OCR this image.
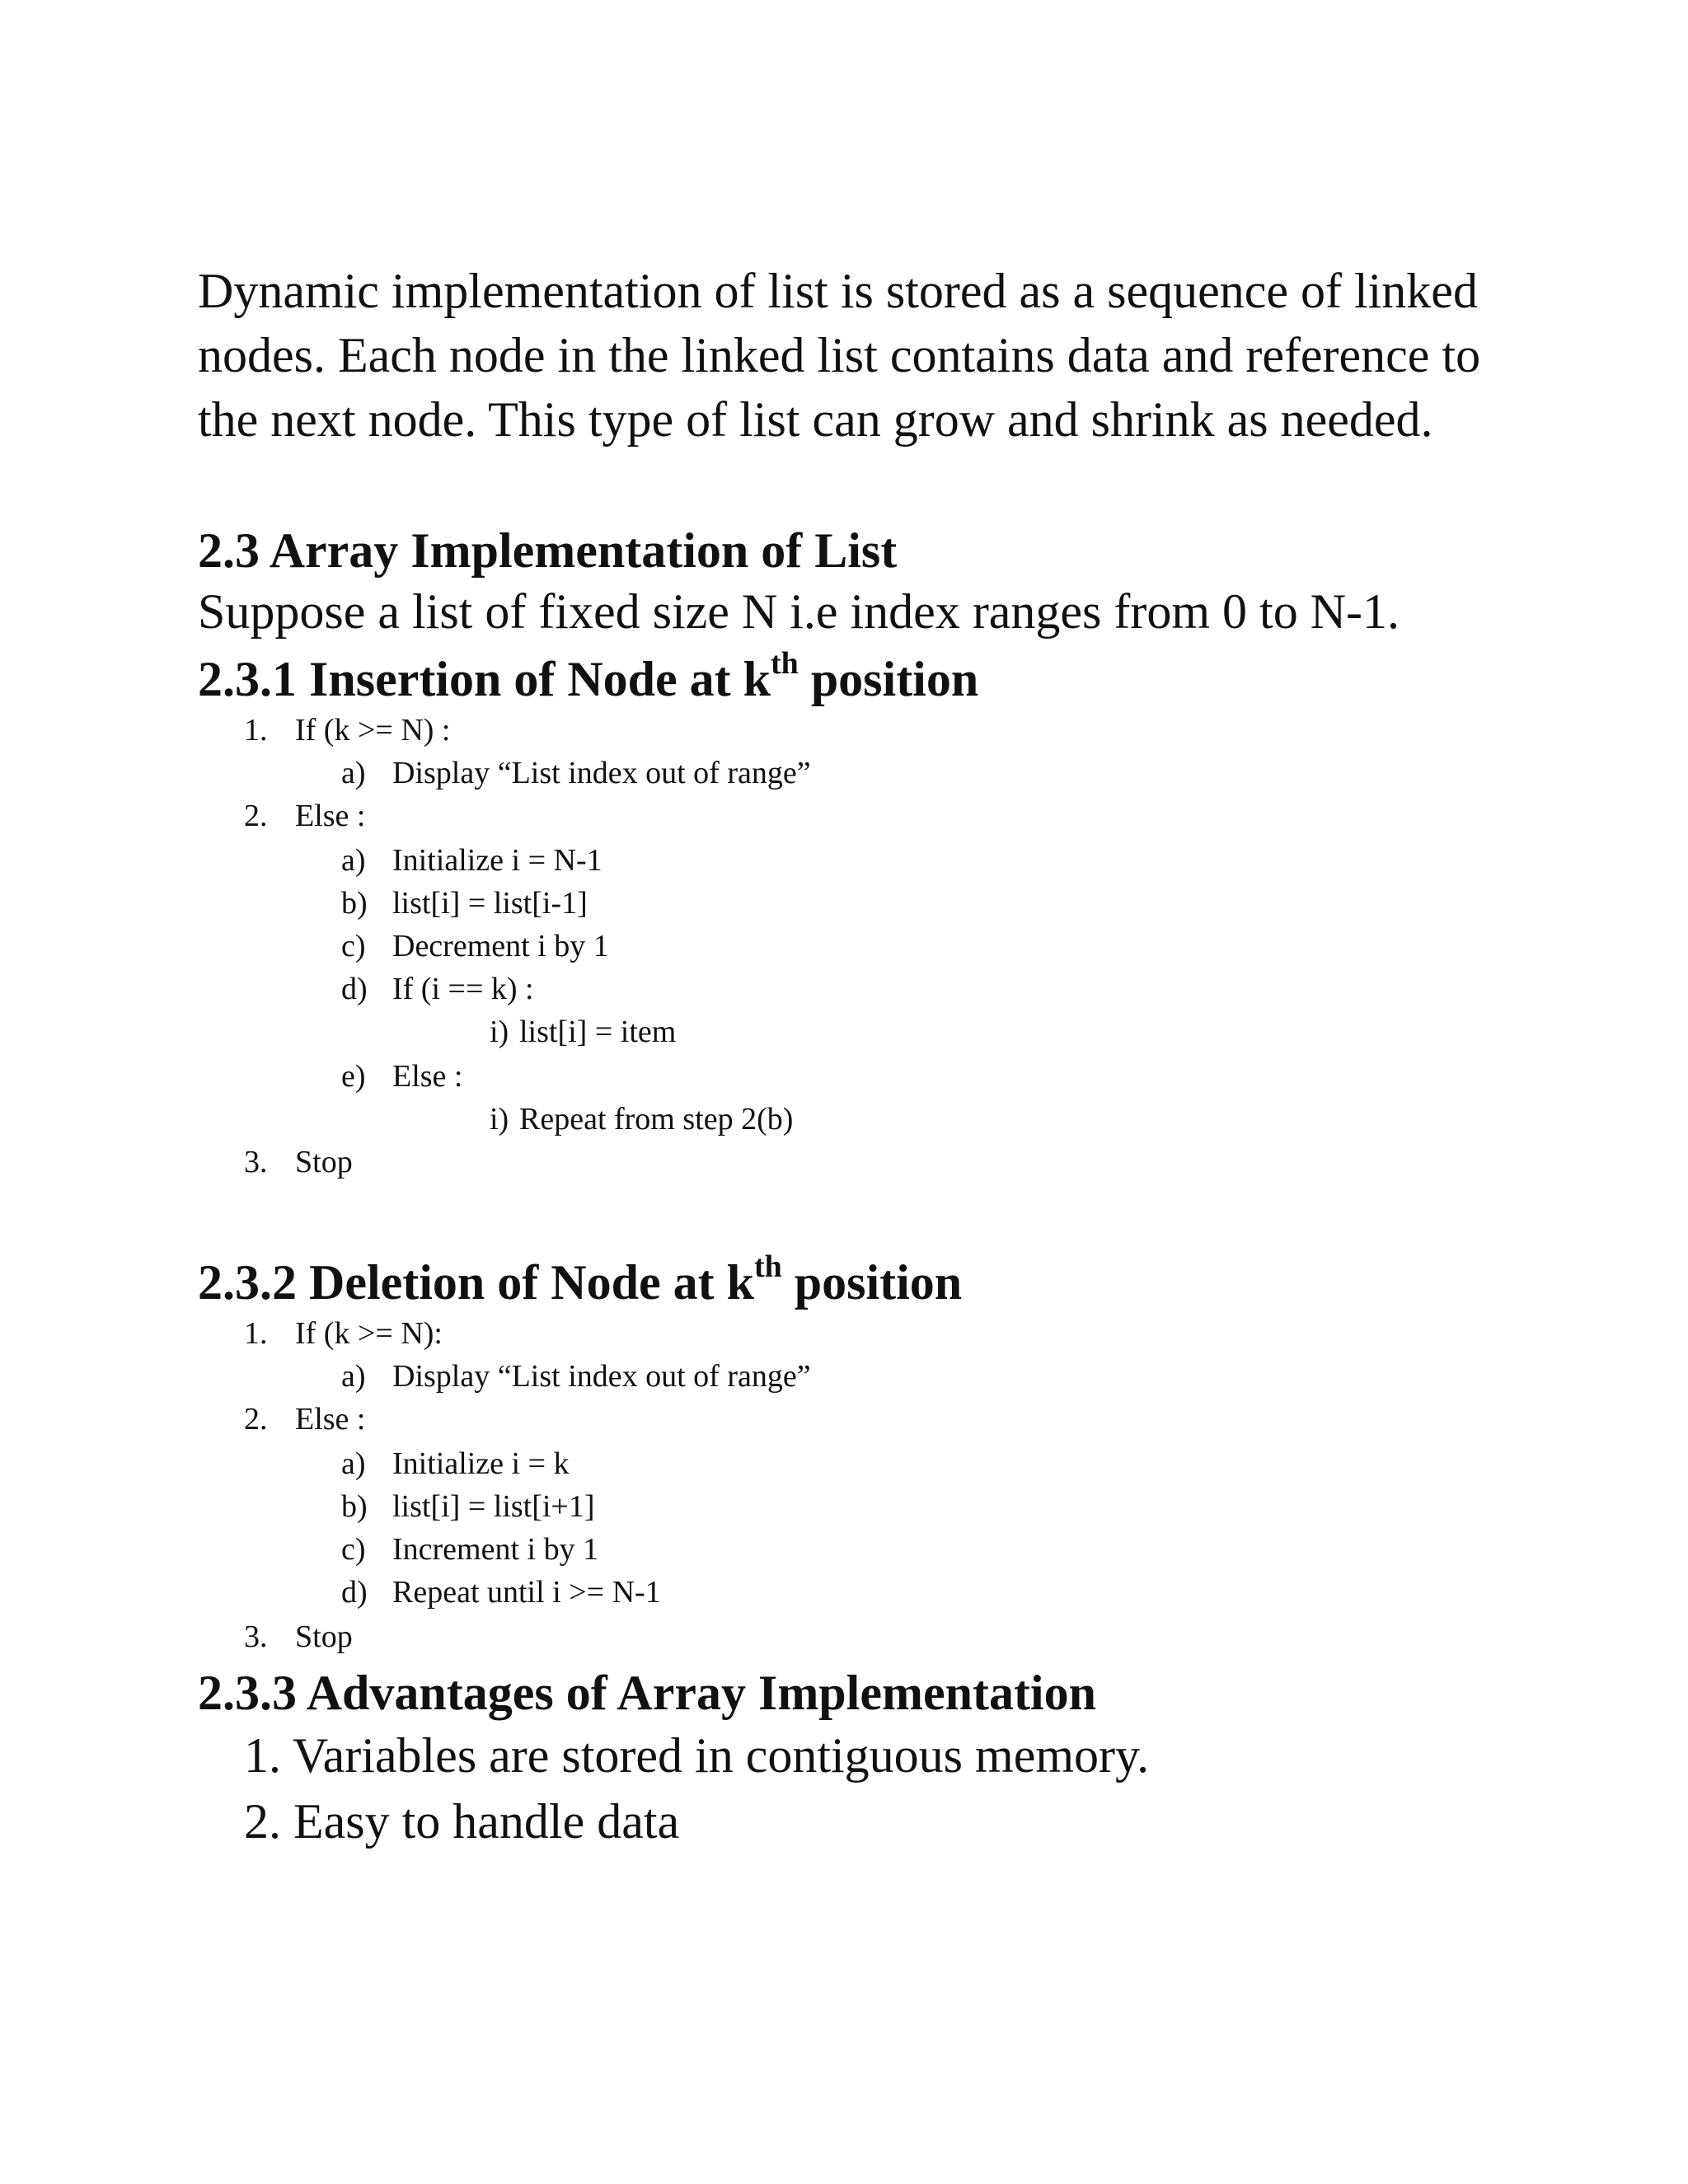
Dynamic implementation of list is stored as a sequence of linked nodes. Each node in the linked list contains data and reference to the next node. This type of list can grow and shrink as needed.

2.3 Array Implementation of List

Suppose a list of fixed size N i.e index ranges from 0 to N-1.

2.3.1 Insertion of Node at $k^{th}$ position
1. If (k >= N) :
a) Display “List index out of range”
2. Else :
a) Initialize i = N-1
b) list[i] = list[i-1]
c) Decrement i by 1
d) If (i == k) :
i) list[i] = item
e) Else :
i) Repeat from step 2(b)
3. Stop
2.3.2 Deletion of Node at $k^{th}$ position
1. If (k >= N):
a) Display “List index out of range”
2. Else :
a) Initialize i = k
b) list[i] = list[i+1]
c) Increment i by 1
d) Repeat until i >= N-1
3. Stop
2.3.3 Advantages of Array Implementation
1. Variables are stored in contiguous memory.
2. Easy to handle data
